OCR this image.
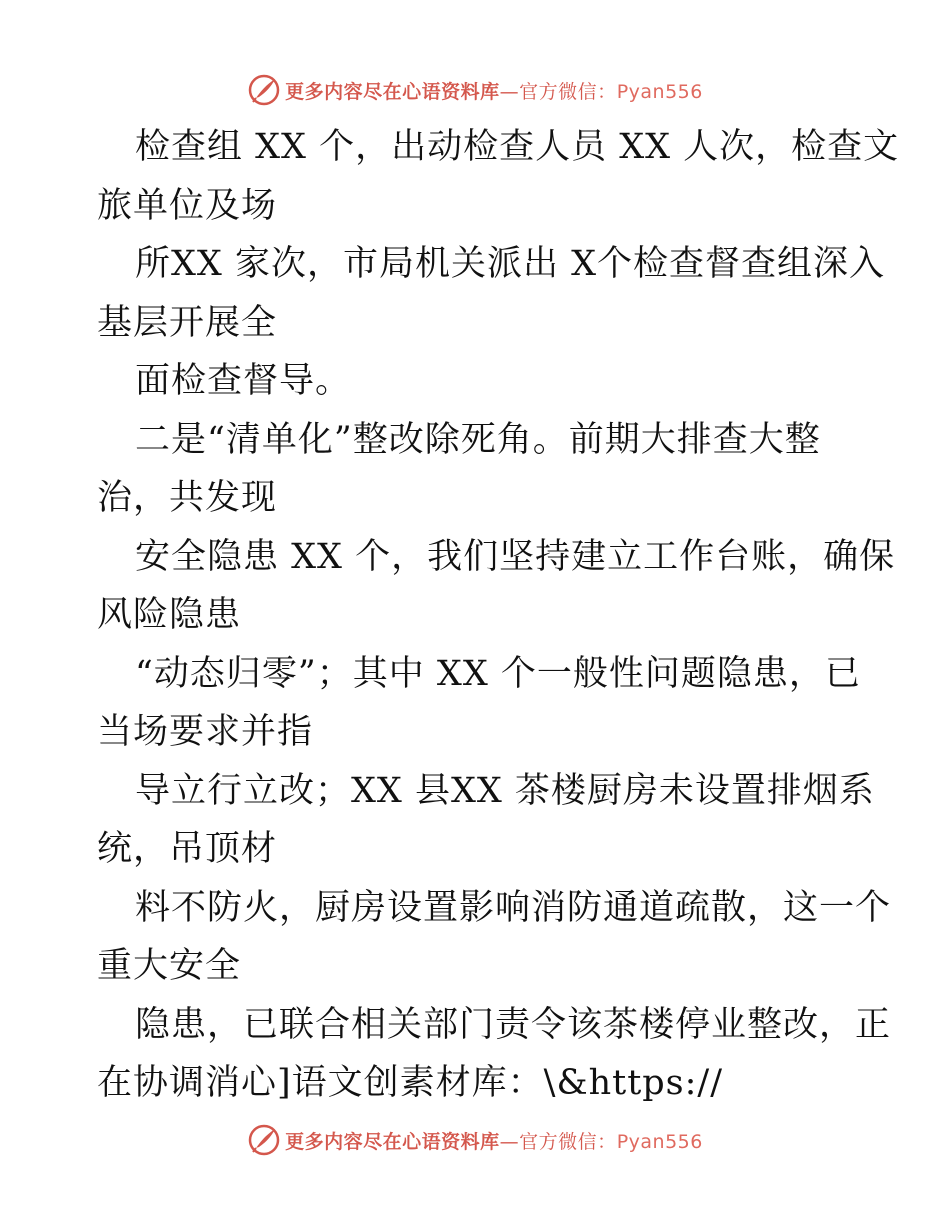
更多内容尽在心语资料库—官方微信：Pyan556
检查组 XX 个，出动检查人员 XX 人次，检查文
旅单位及场
所XX 家次，市局机关派出 X个检查督查组深入
基层开展全
面检查督导。
二是“清单化”整改除死角。前期大排查大整
治，共发现
安全隐患 XX 个，我们坚持建立工作台账，确保
风险隐患
“动态归零”；其中 XX 个一般性问题隐患，已
当场要求并指
导立行立改；XX 县XX 茶楼厨房未设置排烟系
统，吊顶材
料不防火，厨房设置影响消防通道疏散，这一个
重大安全
隐患，已联合相关部门责令该茶楼停业整改，正
在协调消心]语文创素材库：\&https://
更多内容尽在心语资料库—官方微信：Pyan556
